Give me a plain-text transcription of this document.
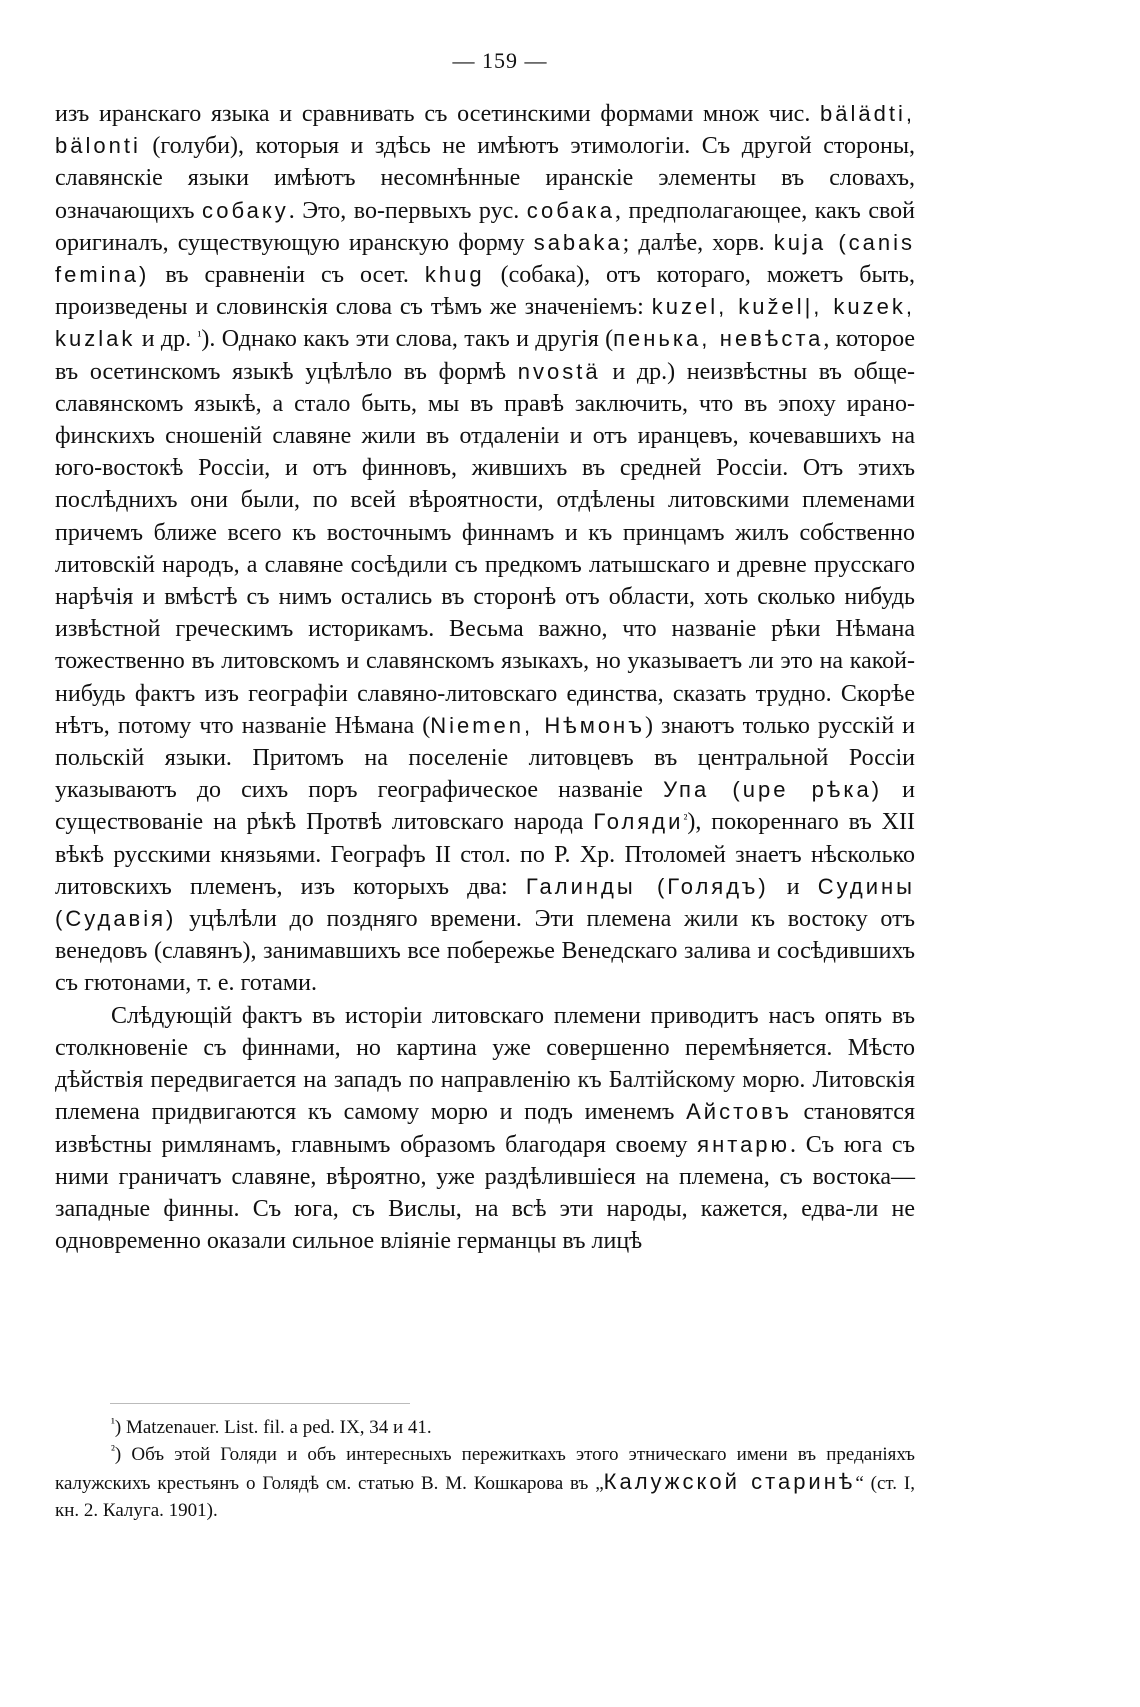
— 159 —

изъ иранскаго языка и сравнивать съ осетинскими формами множ чис. bälädti, bälonti (голуби), которыя и здѣсь не имѣютъ этимологіи. Съ другой стороны, славянскіе языки имѣютъ несомнѣнные иранскіе элементы въ словахъ, означающихъ собаку. Это, во-первыхъ рус. собака, предполагающее, какъ свой оригиналъ, существующую иранскую форму sabaka; далѣе, хорв. kuja (canis femina) въ сравненіи съ осет. khug (собака), отъ котораго, можетъ быть, произведены и словинскія слова съ тѣмъ же значеніемъ: kuzel, kužel|, kuzek, kuzlak и др. $^{^1}$). Однако какъ эти слова, такъ и другія (пенька, невѣста, которое въ осетинскомъ языкѣ уцѣлѣло въ формѣ nvostä и др.) неизвѣстны въ обще-славянскомъ языкѣ, а стало быть, мы въ правѣ заключить, что въ эпоху ирано-финскихъ сношеній славяне жили въ отдаленіи и отъ иранцевъ, кочевавшихъ на юго-востокѣ Россіи, и отъ финновъ, жившихъ въ средней Россіи. Отъ этихъ послѣднихъ они были, по всей вѣроятности, отдѣлены литовскими племенами причемъ ближе всего къ восточнымъ финнамъ и къ принцамъ жилъ собственно литовскій народъ, а славяне сосѣдили съ предкомъ латышскаго и древне прусскаго нарѣчія и вмѣстѣ съ нимъ остались въ сторонѣ отъ области, хоть сколько нибудь извѣстной греческимъ историкамъ. Весьма важно, что названіе рѣки Нѣмана тожественно въ литовскомъ и славянскомъ языкахъ, но указываетъ ли это на какой-нибудь фактъ изъ географіи славяно-литовскаго единства, сказать трудно. Скорѣе нѣтъ, потому что названіе Нѣмана (Niemen, Нѣмонъ) знаютъ только русскій и польскій языки. Притомъ на поселеніе литовцевъ въ центральной Россіи указываютъ до сихъ поръ географическое названіе Упа (upe рѣка) и существованіе на рѣкѣ Протвѣ литовскаго народа Голяди$^{^2}$), покореннаго въ XII вѣкѣ русскими князьями. Географъ II стол. по Р. Хр. Птоломей знаетъ нѣсколько литовскихъ племенъ, изъ которыхъ два: Галинды (Голядъ) и Судины (Судавія) уцѣлѣли до поздняго времени. Эти племена жили къ востоку отъ венедовъ (славянъ), занимавшихъ все побережье Венедскаго залива и сосѣдившихъ съ гютонами, т. е. готами.

Слѣдующій фактъ въ исторіи литовскаго племени приводитъ насъ опять въ столкновеніе съ финнами, но картина уже совершенно перемѣняется. Мѣсто дѣйствія передвигается на западъ по направленію къ Балтійскому морю. Литовскія племена придвигаются къ самому морю и подъ именемъ Айстовъ становятся извѣстны римлянамъ, главнымъ образомъ благодаря своему янтарю. Съ юга съ ними граничатъ славяне, вѣроятно, уже раздѣлившіеся на племена, съ востока—западные финны. Съ юга, съ Вислы, на всѣ эти народы, кажется, едва-ли не одновременно оказали сильное вліяніе германцы въ лицѣ

$^{^1}$) Matzenauer. List. fil. a ped. IX, 34 и 41.

$^{^2}$) Объ этой Голяди и объ интересныхъ пережиткахъ этого этническаго имени въ преданіяхъ калужскихъ крестьянъ о Голядѣ см. статью В. М. Кошкарова въ „Калужской старинѣ“ (ст. I, кн. 2. Калуга. 1901).
